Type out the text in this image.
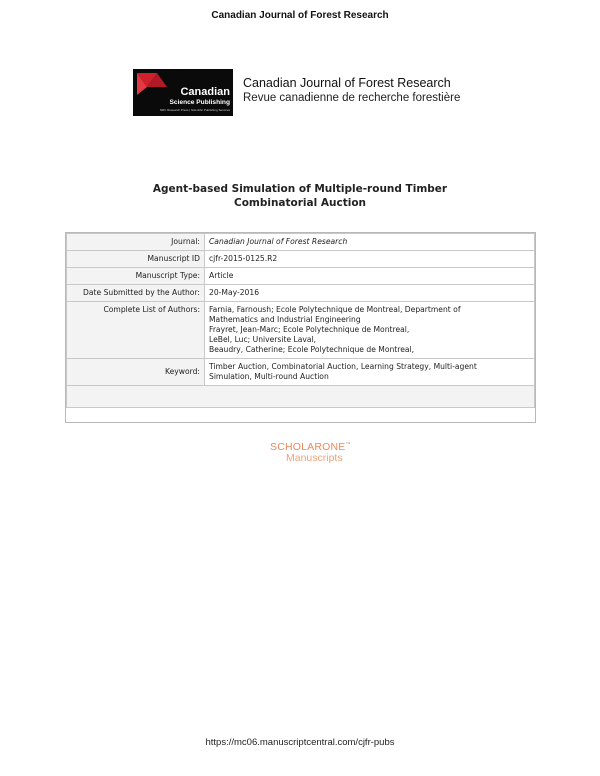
Canadian Journal of Forest Research
Canadian
Science Publishing
NRC Research Press | Scientific Publishing Services
Canadian Journal of Forest Research
Revue canadienne de recherche forestière
Agent-based Simulation of Multiple-round Timber
Combinatorial Auction
Journal:	Canadian Journal of Forest Research
Manuscript ID	cjfr-2015-0125.R2
Manuscript Type:	Article
Date Submitted by the Author:	20-May-2016
Complete List of Authors:	Farnia, Farnoush; Ecole Polytechnique de Montreal, Department of
Mathematics and Industrial Engineering
Frayret, Jean-Marc; Ecole Polytechnique de Montreal,
LeBel, Luc; Universite Laval,
Beaudry, Catherine; Ecole Polytechnique de Montreal,

Keyword:	Timber Auction, Combinatorial Auction, Learning Strategy, Multi-agent
Simulation, Multi-round Auction

SCHOLARONE™
Manuscripts
https://mc06.manuscriptcentral.com/cjfr-pubs
